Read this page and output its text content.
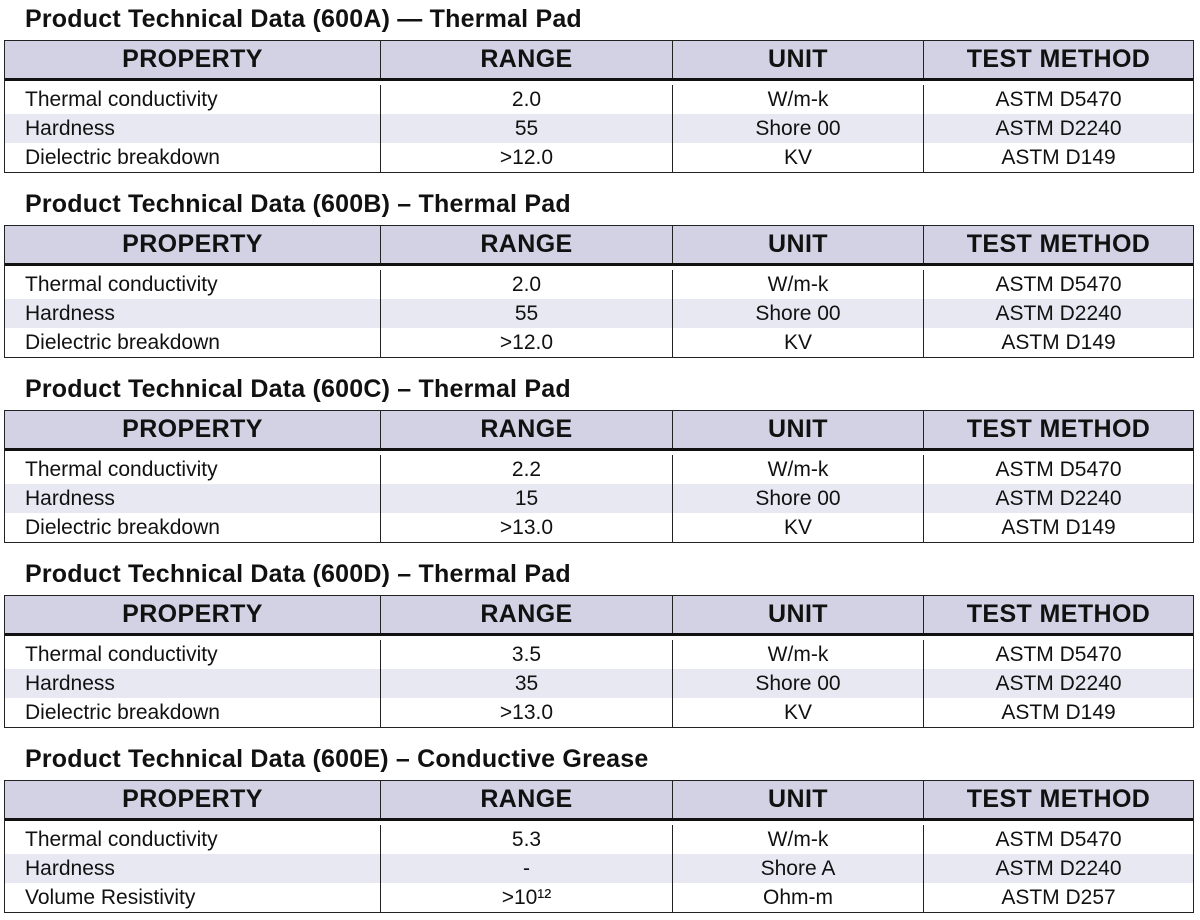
Product Technical Data (600A) — Thermal Pad
PROPERTY	RANGE	UNIT	TEST METHOD
Thermal conductivity	2.0	W/m-k	ASTM D5470
Hardness	55	Shore 00	ASTM D2240
Dielectric breakdown	>12.0	KV	ASTM D149
Product Technical Data (600B) – Thermal Pad
PROPERTY	RANGE	UNIT	TEST METHOD
Thermal conductivity	2.0	W/m-k	ASTM D5470
Hardness	55	Shore 00	ASTM D2240
Dielectric breakdown	>12.0	KV	ASTM D149
Product Technical Data (600C) – Thermal Pad
PROPERTY	RANGE	UNIT	TEST METHOD
Thermal conductivity	2.2	W/m-k	ASTM D5470
Hardness	15	Shore 00	ASTM D2240
Dielectric breakdown	>13.0	KV	ASTM D149
Product Technical Data (600D) – Thermal Pad
PROPERTY	RANGE	UNIT	TEST METHOD
Thermal conductivity	3.5	W/m-k	ASTM D5470
Hardness	35	Shore 00	ASTM D2240
Dielectric breakdown	>13.0	KV	ASTM D149
Product Technical Data (600E) – Conductive Grease
PROPERTY	RANGE	UNIT	TEST METHOD
Thermal conductivity	5.3	W/m-k	ASTM D5470
Hardness	-	Shore A	ASTM D2240
Volume Resistivity	>10¹²	Ohm-m	ASTM D257
